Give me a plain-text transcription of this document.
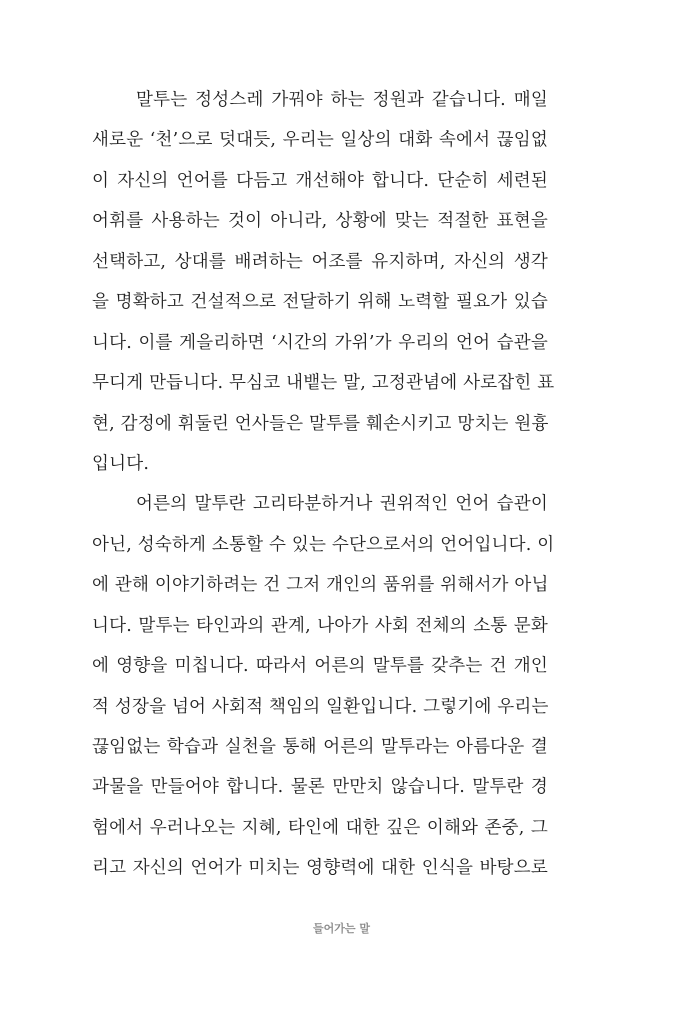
말투는 정성스레 가꿔야 하는 정원과 같습니다. 매일
새로운 ‘천’으로 덧대듯, 우리는 일상의 대화 속에서 끊임없
이 자신의 언어를 다듬고 개선해야 합니다. 단순히 세련된
어휘를 사용하는 것이 아니라, 상황에 맞는 적절한 표현을
선택하고, 상대를 배려하는 어조를 유지하며, 자신의 생각
을 명확하고 건설적으로 전달하기 위해 노력할 필요가 있습
니다. 이를 게을리하면 ‘시간의 가위’가 우리의 언어 습관을
무디게 만듭니다. 무심코 내뱉는 말, 고정관념에 사로잡힌 표
현, 감정에 휘둘린 언사들은 말투를 훼손시키고 망치는 원흉
입니다.
어른의 말투란 고리타분하거나 권위적인 언어 습관이
아닌, 성숙하게 소통할 수 있는 수단으로서의 언어입니다. 이
에 관해 이야기하려는 건 그저 개인의 품위를 위해서가 아닙
니다. 말투는 타인과의 관계, 나아가 사회 전체의 소통 문화
에 영향을 미칩니다. 따라서 어른의 말투를 갖추는 건 개인
적 성장을 넘어 사회적 책임의 일환입니다. 그렇기에 우리는
끊임없는 학습과 실천을 통해 어른의 말투라는 아름다운 결
과물을 만들어야 합니다. 물론 만만치 않습니다. 말투란 경
험에서 우러나오는 지혜, 타인에 대한 깊은 이해와 존중, 그
리고 자신의 언어가 미치는 영향력에 대한 인식을 바탕으로
들어가는 말
